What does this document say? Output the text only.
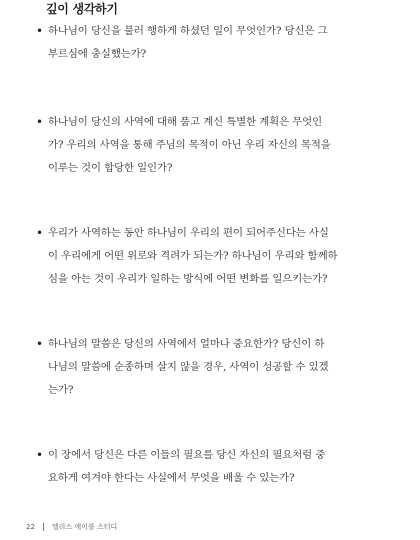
깊이 생각하기
• 하나님이 당신을 불러 행하게 하셨던 일이 무엇인가? 당신은 그
부르심에 충실했는가?
• 하나님이 당신의 사역에 대해 품고 계신 특별한 계획은 무엇인
가? 우리의 사역을 통해 주님의 목적이 아닌 우리 자신의 목적을
이루는 것이 합당한 일인가?
• 우리가 사역하는 동안 하나님이 우리의 편이 되어주신다는 사실
이 우리에게 어떤 위로와 격려가 되는가? 하나님이 우리와 함께하
심을 아는 것이 우리가 일하는 방식에 어떤 변화를 일으키는가?
• 하나님의 말씀은 당신의 사역에서 얼마나 중요한가? 당신이 하
나님의 말씀에 순종하며 살지 않을 경우, 사역이 성공할 수 있겠
는가?
• 이 장에서 당신은 다른 이들의 필요를 당신 자신의 필요처럼 중
요하게 여겨야 한다는 사실에서 무엇을 배울 수 있는가?
22 엘리스 에이블 스터디
